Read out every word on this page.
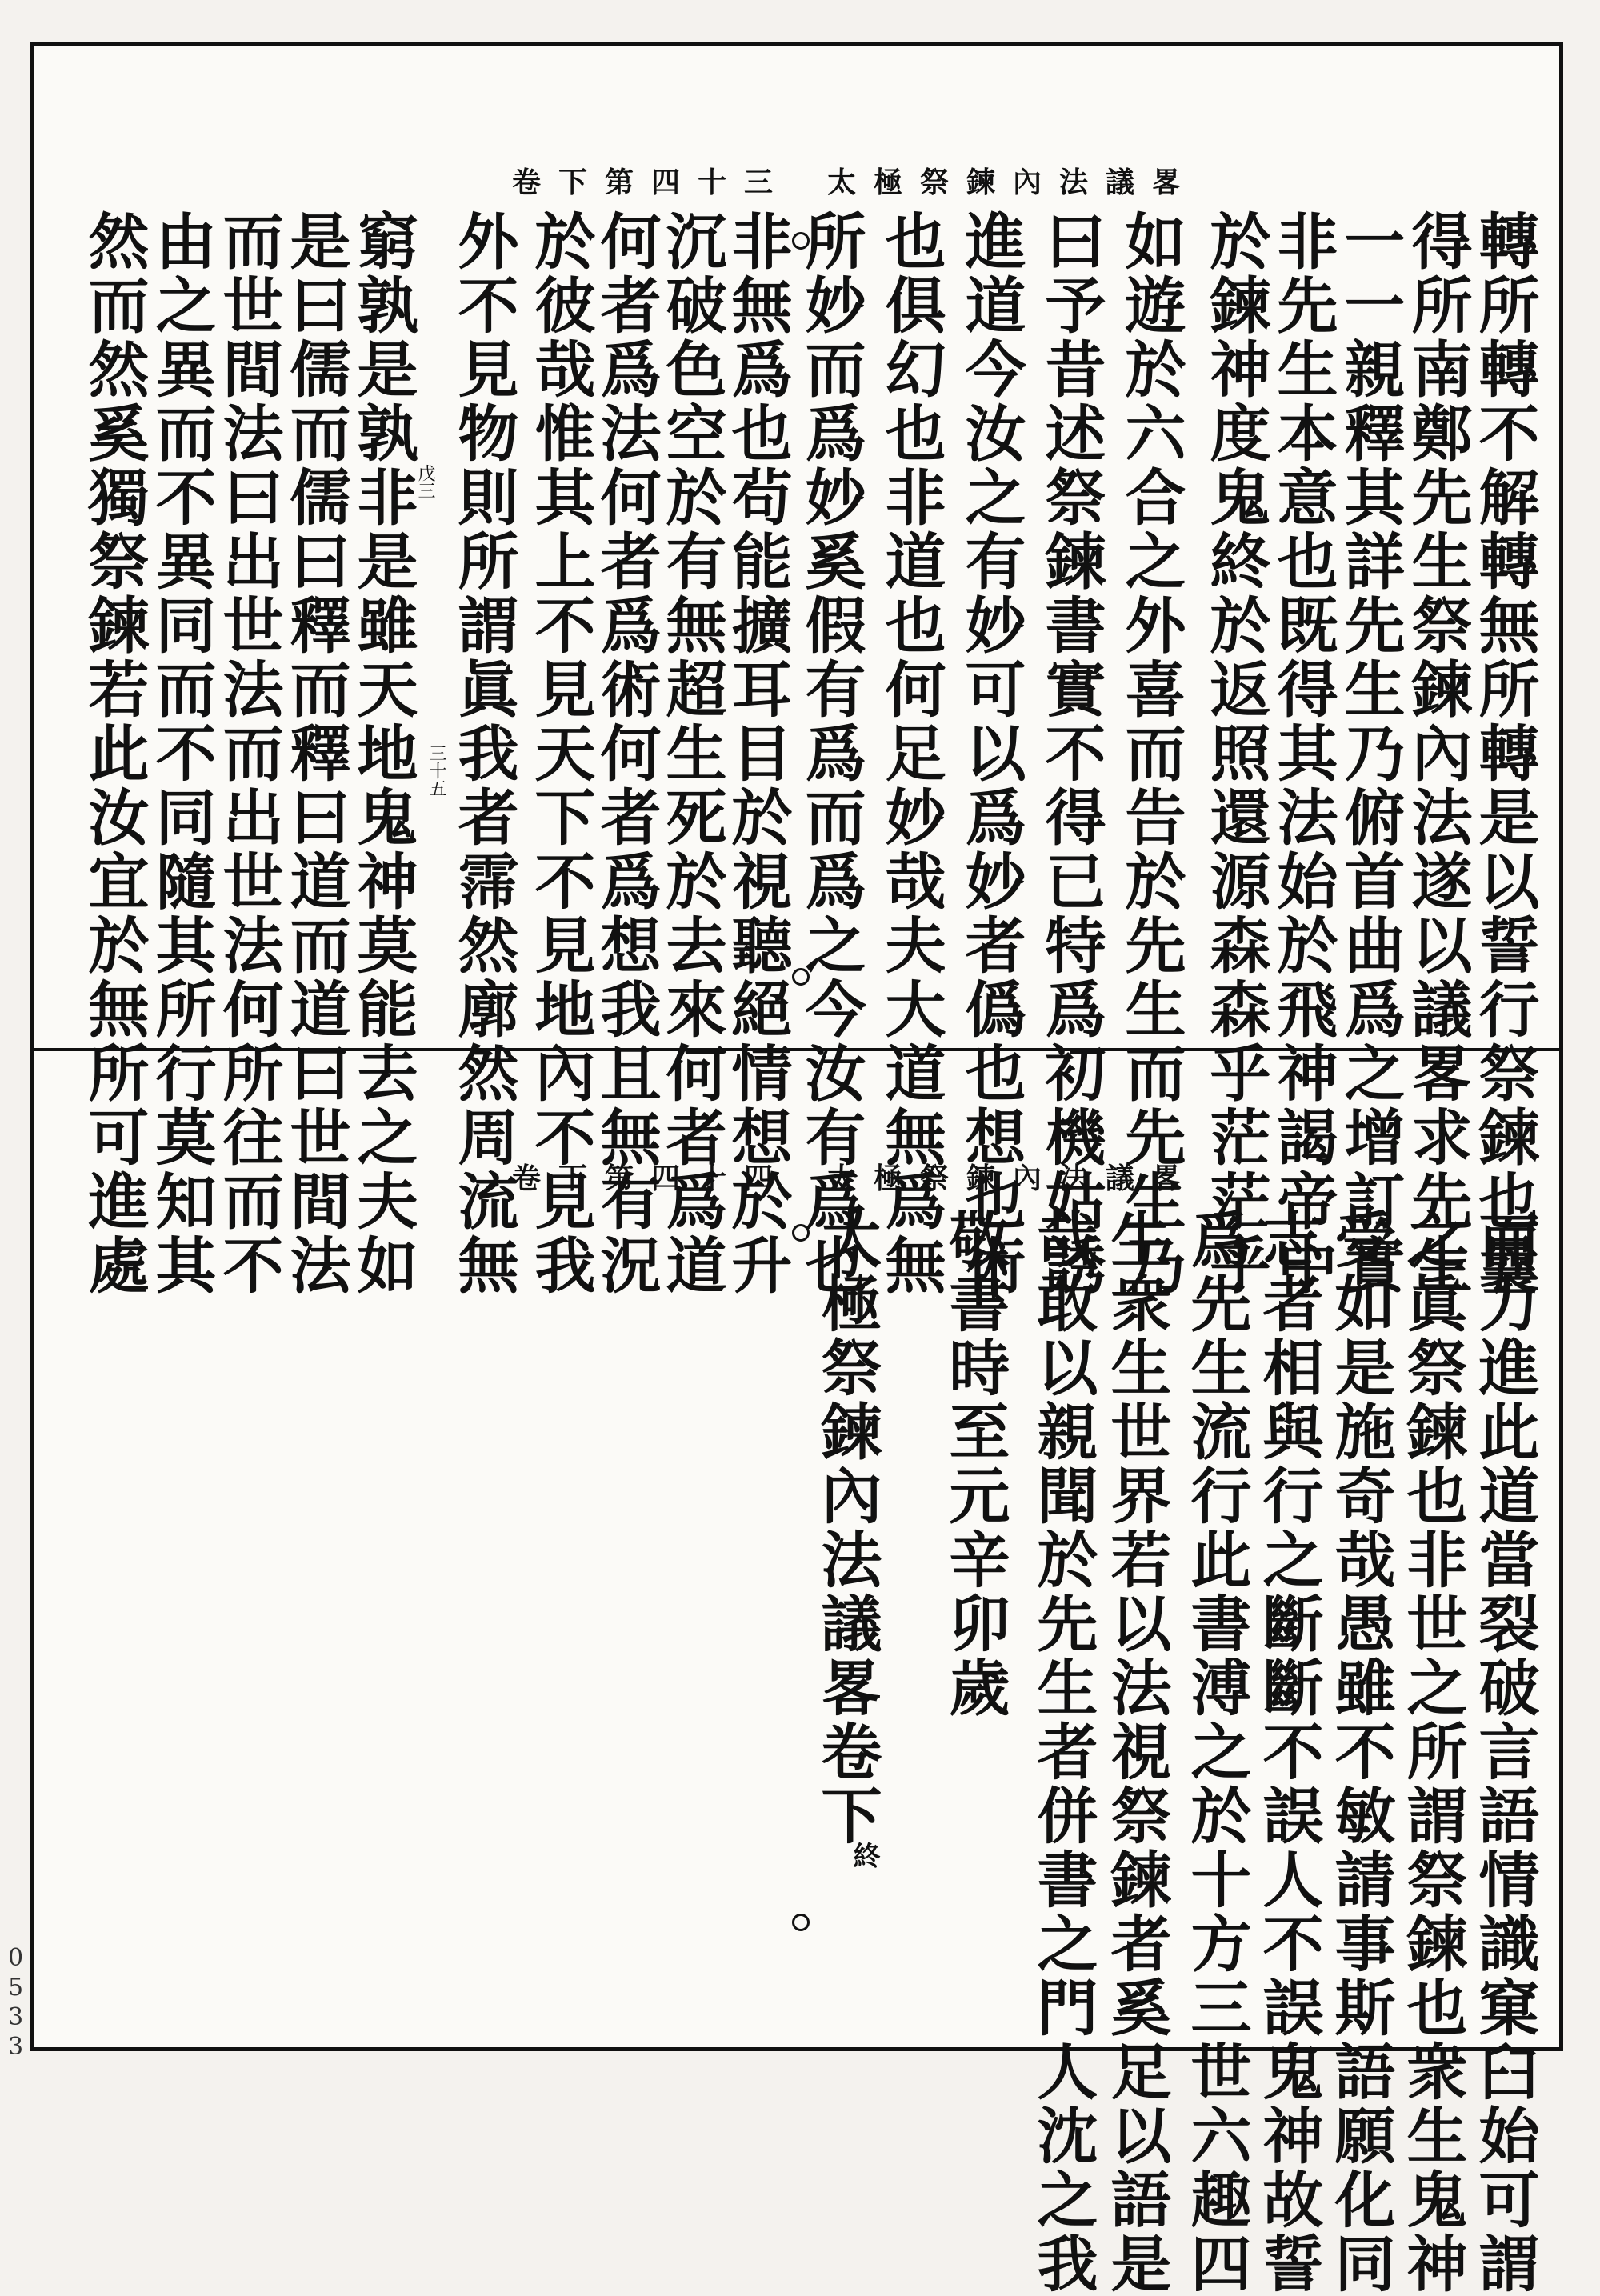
卷下第四十三 太極祭鍊內法議畧
轉所轉不解轉無所轉是以誓行祭鍊也曩
得所南鄭先生祭鍊內法遂以議畧求先生
一一親釋其詳先生乃俯首曲爲之增訂實
非先生本意也既得其法始於飛神謁帝中
於鍊神度鬼終於返照還源森森乎茫茫乎
如遊於六合之外喜而告於先生而先生乃
曰予昔述祭鍊書實不得已特爲初機姑誘
進道今汝之有妙可以爲妙者僞也想也術
也俱幻也非道也何足妙哉夫大道無爲無
所妙而爲妙奚假有爲而爲之今汝有爲也
非無爲也茍能擴耳目於視聽絕情想於升
沉破色空於有無超生死於去來何者爲道
何者爲法何者爲術何者爲想我且無有況
於彼哉惟其上不見天下不見地內不見我
外不見物則所謂眞我者霈然廓然周流無
三十五
戊三
窮孰是孰非是雖天地鬼神莫能去之夫如
是曰儒而儒曰釋而釋曰道而道曰世間法
而世間法曰出世法而出世法何所往而不
由之異而不異同而不同隨其所行莫知其
然而然奚獨祭鍊若此汝宜於無所可進處	卷下第四十四 太極祭鍊內法議畧
而力進此道當裂破言語情識窠臼始可謂
之眞祭鍊也非世之所謂祭鍊也衆生鬼神
受如是施奇哉愚雖不敏請事斯語願化同
志者相與行之斷斷不誤人不誤鬼神故誓
爲先生流行此書溥之於十方三世六趣四
生衆生世界若以法視祭鍊者奚足以語是
哉敢以親聞於先生者併書之門人沈之我
敬書時至元辛卯歲
太極祭鍊內法議畧卷下
終
0533
